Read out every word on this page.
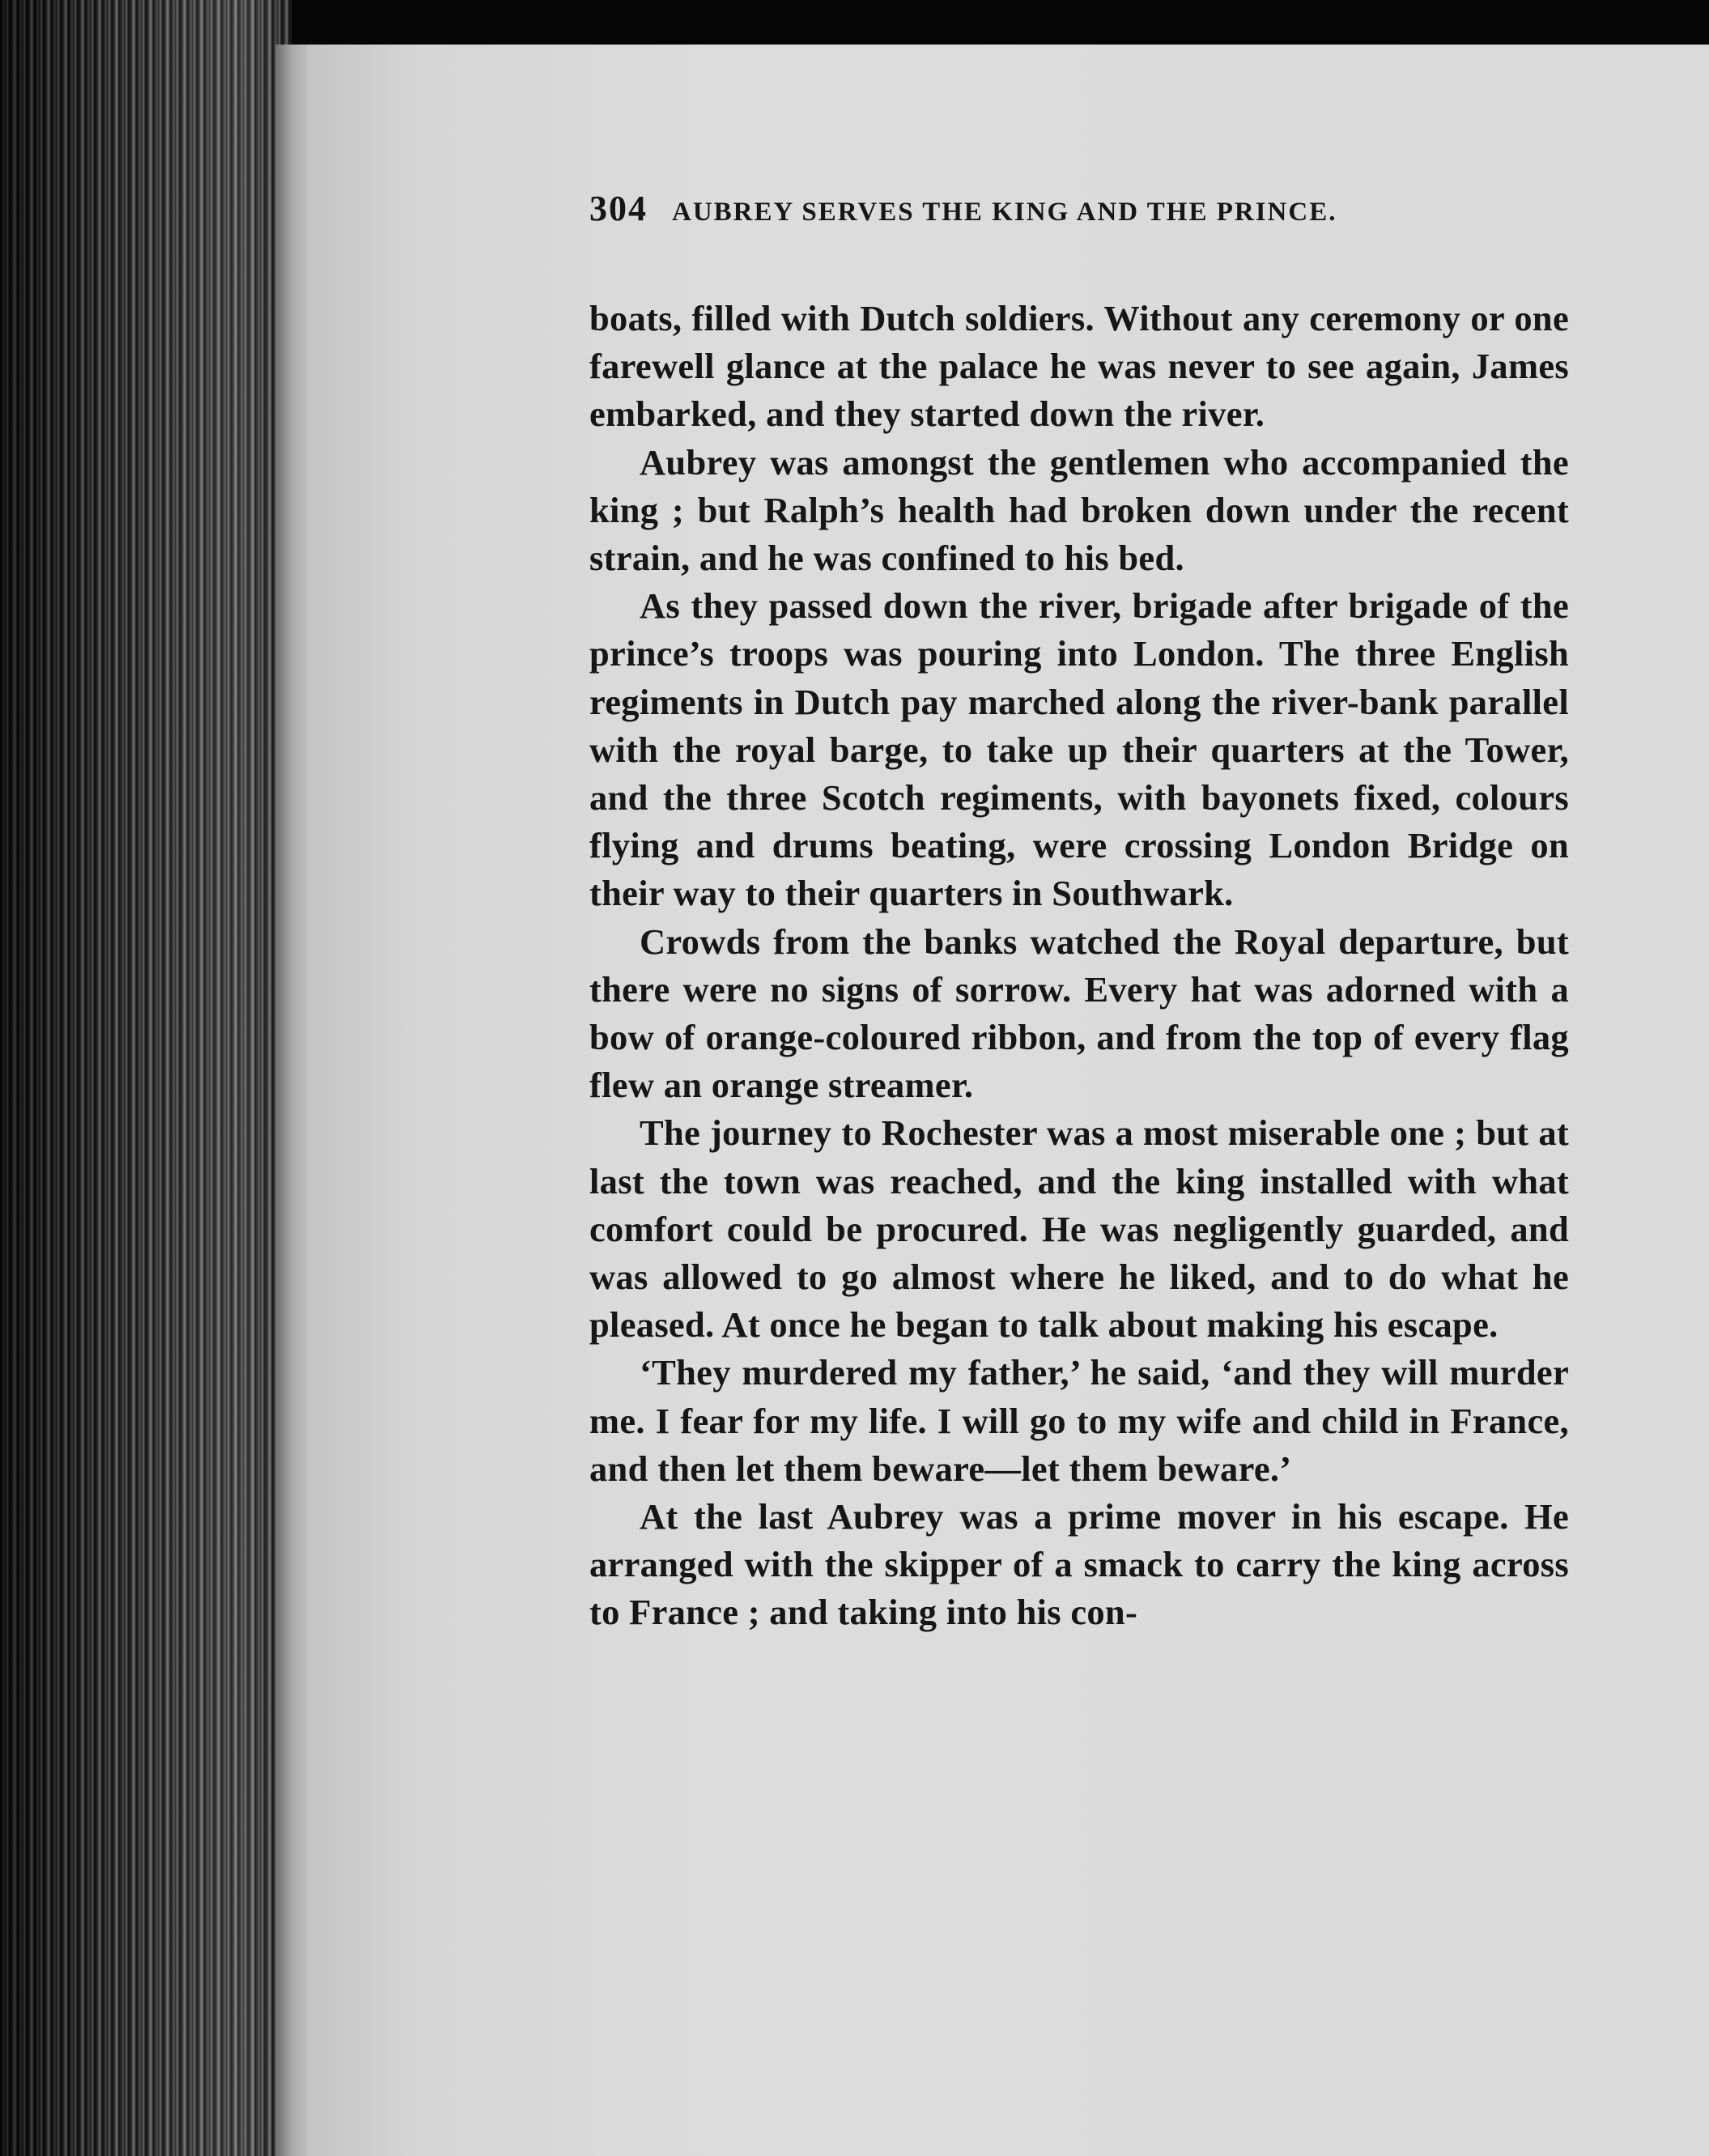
304 AUBREY SERVES THE KING AND THE PRINCE.

boats, filled with Dutch soldiers. Without any ceremony or one farewell glance at the palace he was never to see again, James embarked, and they started down the river.

Aubrey was amongst the gentlemen who accompanied the king ; but Ralph’s health had broken down under the recent strain, and he was confined to his bed.

As they passed down the river, brigade after brigade of the prince’s troops was pouring into London. The three English regiments in Dutch pay marched along the river-bank parallel with the royal barge, to take up their quarters at the Tower, and the three Scotch regiments, with bayonets fixed, colours flying and drums beating, were crossing London Bridge on their way to their quarters in Southwark.

Crowds from the banks watched the Royal departure, but there were no signs of sorrow. Every hat was adorned with a bow of orange-coloured ribbon, and from the top of every flag flew an orange streamer.

The journey to Rochester was a most miserable one ; but at last the town was reached, and the king installed with what comfort could be procured. He was negligently guarded, and was allowed to go almost where he liked, and to do what he pleased. At once he began to talk about making his escape.

‘They murdered my father,’ he said, ‘and they will murder me. I fear for my life. I will go to my wife and child in France, and then let them beware—let them beware.’

At the last Aubrey was a prime mover in his escape. He arranged with the skipper of a smack to carry the king across to France ; and taking into his con-
